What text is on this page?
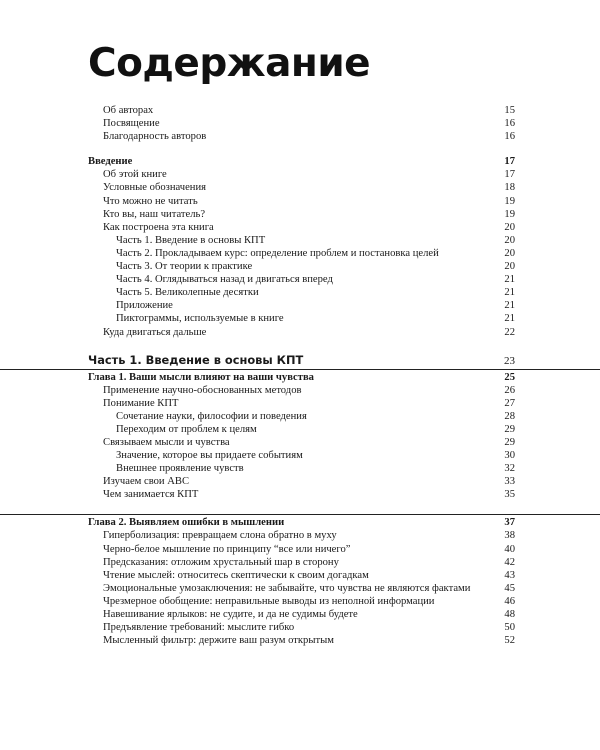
Содержание
Об авторах	15
Посвящение	16
Благодарность авторов	16
Введение	17
Об этой книге	17
Условные обозначения	18
Что можно не читать	19
Кто вы, наш читатель?	19
Как построена эта книга	20
Часть 1. Введение в основы КПТ	20
Часть 2. Прокладываем курс: определение проблем и постановка целей	20
Часть 3. От теории к практике	20
Часть 4. Оглядываться назад и двигаться вперед	21
Часть 5. Великолепные десятки	21
Приложение	21
Пиктограммы, используемые в книге	21
Куда двигаться дальше	22
Часть 1. Введение в основы КПТ	23
Глава 1. Ваши мысли влияют на ваши чувства	25
Применение научно-обоснованных методов	26
Понимание КПТ	27
Сочетание науки, философии и поведения	28
Переходим от проблем к целям	29
Связываем мысли и чувства	29
Значение, которое вы придаете событиям	30
Внешнее проявление чувств	32
Изучаем свои ABC	33
Чем занимается КПТ	35
Глава 2. Выявляем ошибки в мышлении	37
Гиперболизация: превращаем слона обратно в муху	38
Черно-белое мышление по принципу “все или ничего”	40
Предсказания: отложим хрустальный шар в сторону	42
Чтение мыслей: относитесь скептически к своим догадкам	43
Эмоциональные умозаключения: не забывайте, что чувства не являются фактами	45
Чрезмерное обобщение: неправильные выводы из неполной информации	46
Навешивание ярлыков: не судите, и да не судимы будете	48
Предъявление требований: мыслите гибко	50
Мысленный фильтр: держите ваш разум открытым	52
